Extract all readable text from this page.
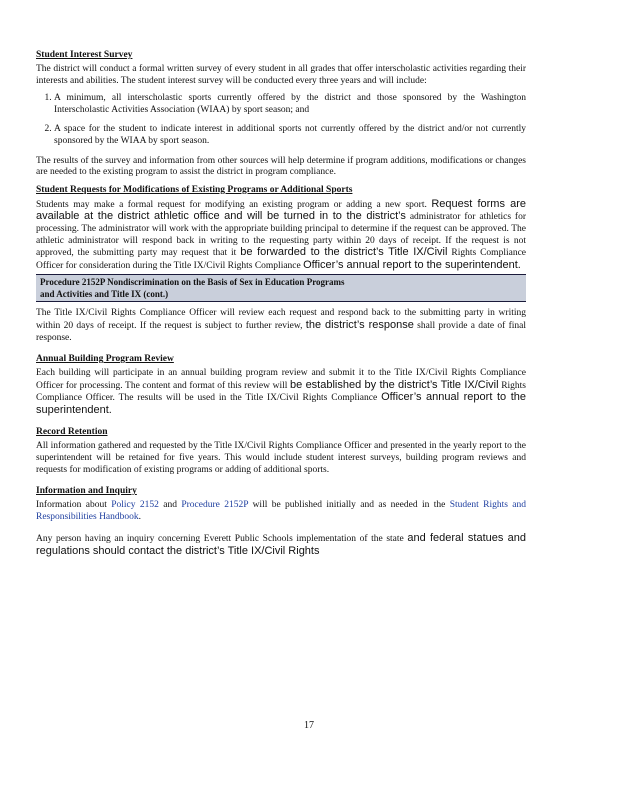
Student Interest Survey

The district will conduct a formal written survey of every student in all grades that offer interscholastic activities regarding their interests and abilities. The student interest survey will be conducted every three years and will include:

1. A minimum, all interscholastic sports currently offered by the district and those sponsored by the Washington Interscholastic Activities Association (WIAA) by sport season; and
2. A space for the student to indicate interest in additional sports not currently offered by the district and/or not currently sponsored by the WIAA by sport season.

The results of the survey and information from other sources will help determine if program additions, modifications or changes are needed to the existing program to assist the district in program compliance.

Student Requests for Modifications of Existing Programs or Additional Sports

Students may make a formal request for modifying an existing program or adding a new sport. Request forms are available at the district athletic office and will be turned in to the district’s administrator for athletics for processing. The administrator will work with the appropriate building principal to determine if the request can be approved. The athletic administrator will respond back in writing to the requesting party within 20 days of receipt. If the request is not approved, the submitting party may request that it be forwarded to the district’s Title IX/Civil Rights Compliance Officer for consideration during the Title IX/Civil Rights Compliance Officer’s annual report to the superintendent.

Procedure 2152P Nondiscrimination on the Basis of Sex in Education Programs
and Activities and Title IX (cont.)

The Title IX/Civil Rights Compliance Officer will review each request and respond back to the submitting party in writing within 20 days of receipt. If the request is subject to further review, the district’s response shall provide a date of final response.

Annual Building Program Review

Each building will participate in an annual building program review and submit it to the Title IX/Civil Rights Compliance Officer for processing. The content and format of this review will be established by the district’s Title IX/Civil Rights Compliance Officer. The results will be used in the Title IX/Civil Rights Compliance Officer’s annual report to the superintendent.

Record Retention

All information gathered and requested by the Title IX/Civil Rights Compliance Officer and presented in the yearly report to the superintendent will be retained for five years. This would include student interest surveys, building program reviews and requests for modification of existing programs or adding of additional sports.

Information and Inquiry

Information about Policy 2152 and Procedure 2152P will be published initially and as needed in the Student Rights and Responsibilities Handbook.

Any person having an inquiry concerning Everett Public Schools implementation of the state and federal statues and regulations should contact the district’s Title IX/Civil Rights

17
